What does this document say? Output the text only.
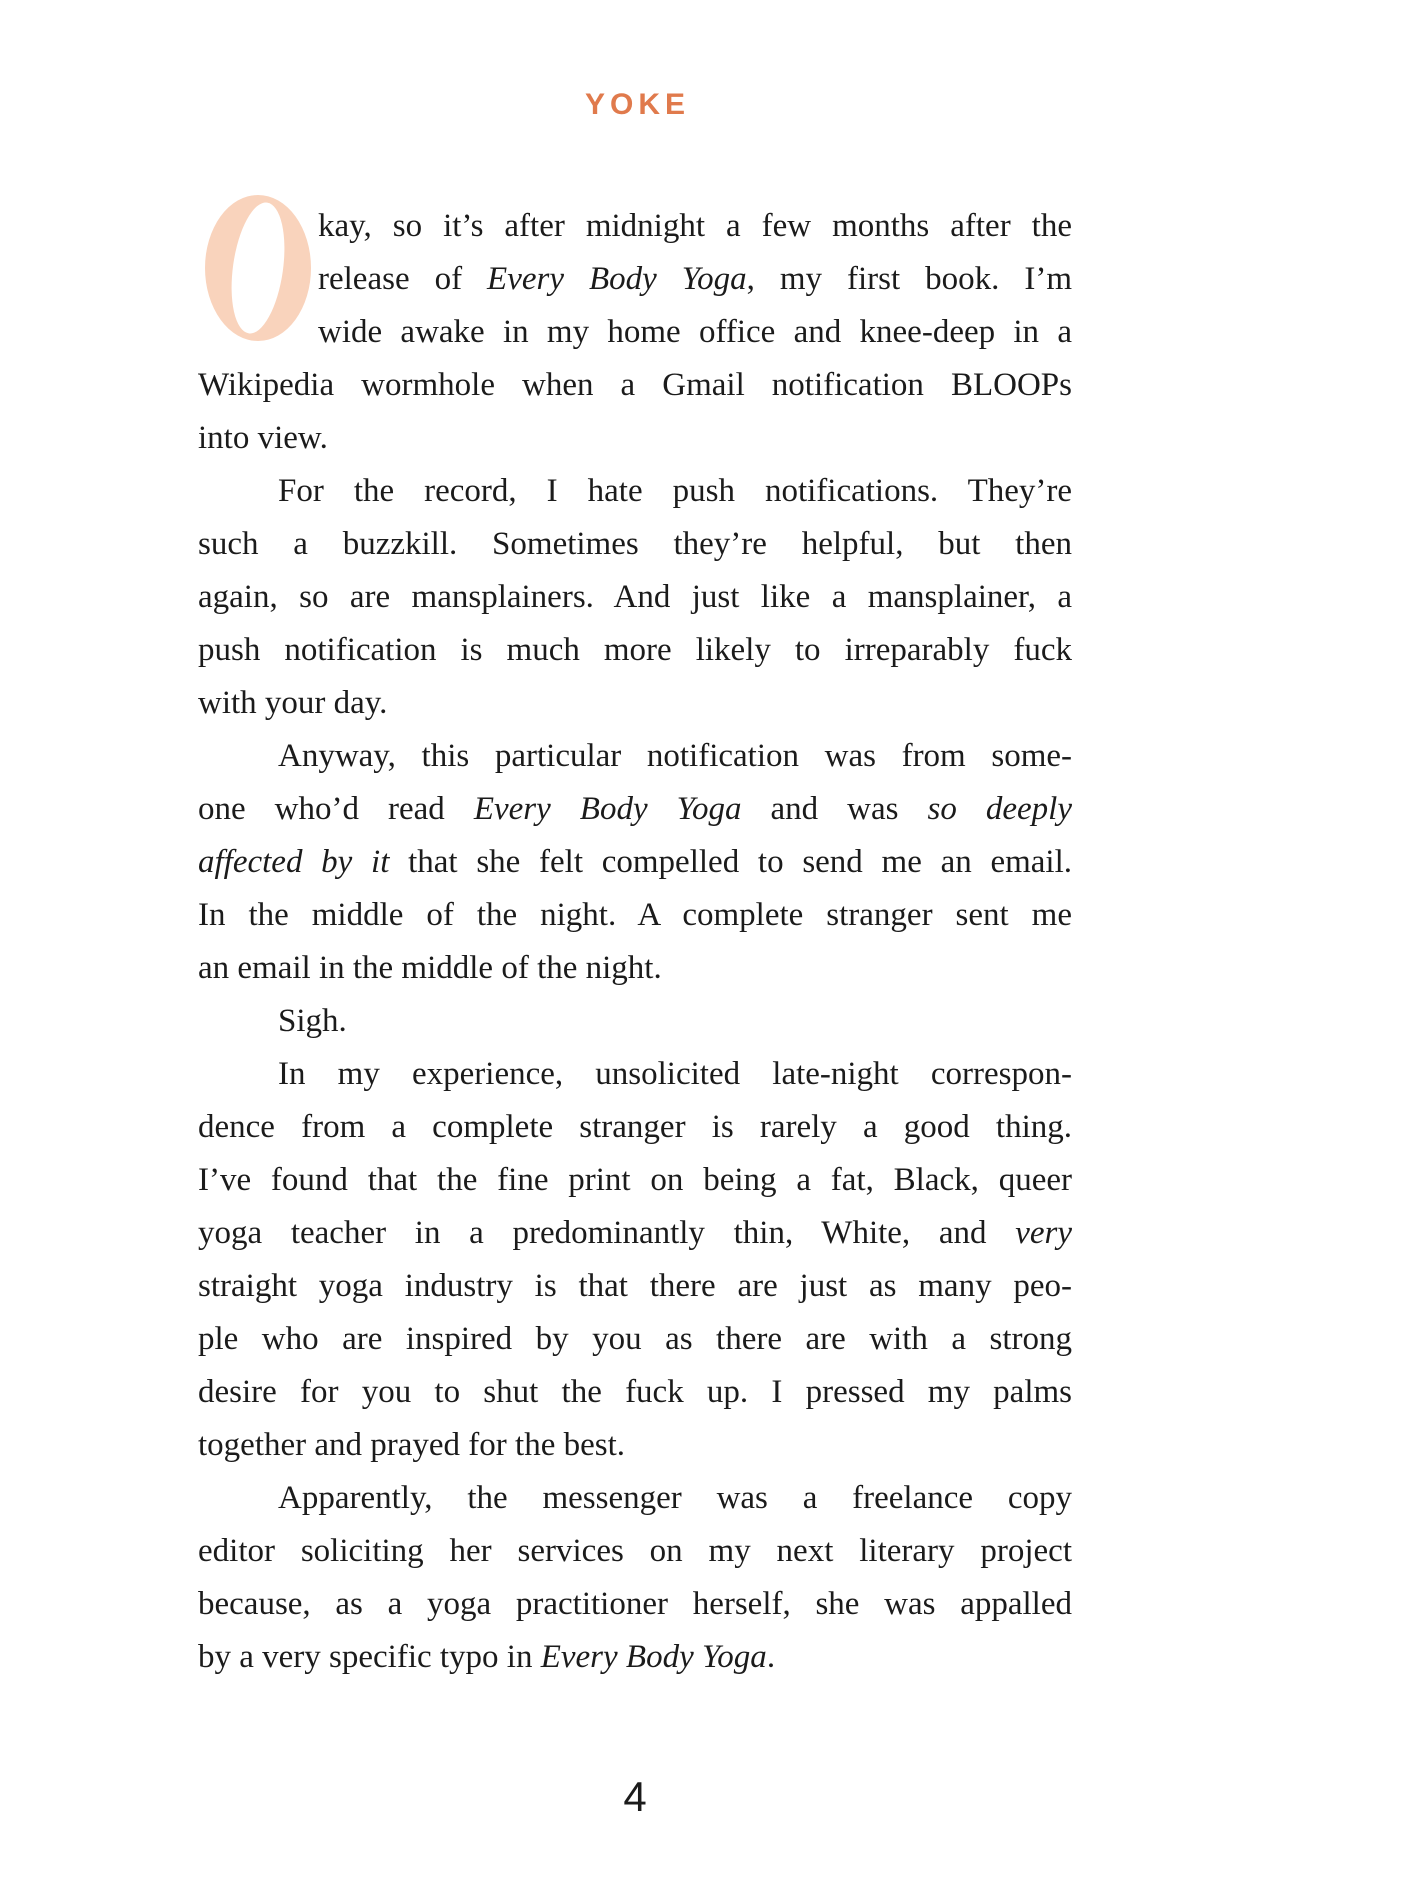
YOKE
kay, so it’s after midnight a few months after the
release of Every Body Yoga, my first book. I’m
wide awake in my home office and knee-deep in a
Wikipedia wormhole when a Gmail notification BLOOPs
into view.
For the record, I hate push notifications. They’re
such a buzzkill. Sometimes they’re helpful, but then
again, so are mansplainers. And just like a mansplainer, a
push notification is much more likely to irreparably fuck
with your day.
Anyway, this particular notification was from some-
one who’d read Every Body Yoga and was so deeply
affected by it that she felt compelled to send me an email.
In the middle of the night. A complete stranger sent me
an email in the middle of the night.
Sigh.
In my experience, unsolicited late-night correspon-
dence from a complete stranger is rarely a good thing.
I’ve found that the fine print on being a fat, Black, queer
yoga teacher in a predominantly thin, White, and very
straight yoga industry is that there are just as many peo-
ple who are inspired by you as there are with a strong
desire for you to shut the fuck up. I pressed my palms
together and prayed for the best.
Apparently, the messenger was a freelance copy
editor soliciting her services on my next literary project
because, as a yoga practitioner herself, she was appalled
by a very specific typo in Every Body Yoga.
4
